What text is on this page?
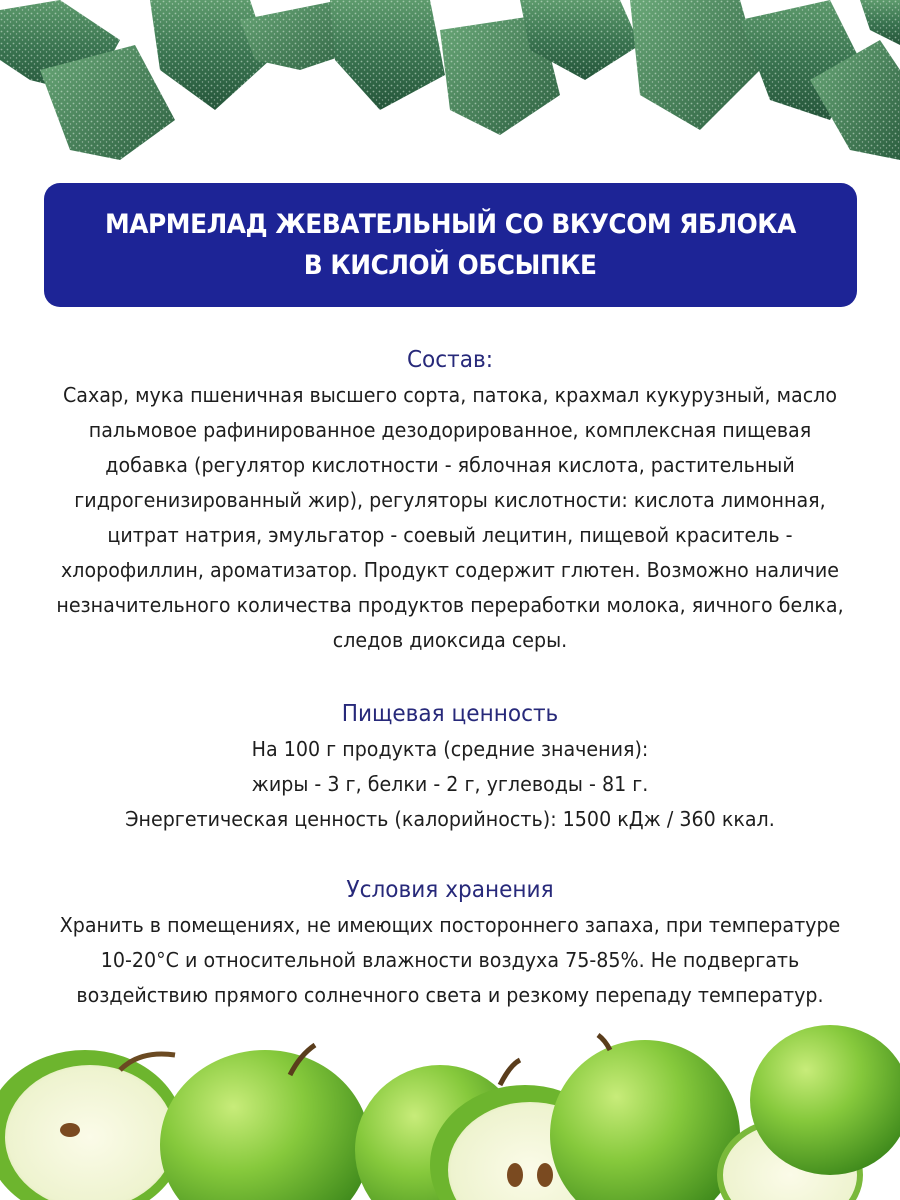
МАРМЕЛАД ЖЕВАТЕЛЬНЫЙ СО ВКУСОМ ЯБЛОКА
В КИСЛОЙ ОБСЫПКЕ
Состав:
Сахар, мука пшеничная высшего сорта, патока, крахмал кукурузный, масло
пальмовое рафинированное дезодорированное, комплексная пищевая
добавка (регулятор кислотности - яблочная кислота, растительный
гидрогенизированный жир), регуляторы кислотности: кислота лимонная,
цитрат натрия, эмульгатор - соевый лецитин, пищевой краситель -
хлорофиллин, ароматизатор. Продукт содержит глютен. Возможно наличие
незначительного количества продуктов переработки молока, яичного белка,
следов диоксида серы.
Пищевая ценность
На 100 г продукта (средние значения):
жиры - 3 г, белки - 2 г, углеводы - 81 г.
Энергетическая ценность (калорийность): 1500 кДж / 360 ккал.
Условия хранения
Хранить в помещениях, не имеющих постороннего запаха, при температуре
10-20°С и относительной влажности воздуха 75-85%. Не подвергать
воздействию прямого солнечного света и резкому перепаду температур.
